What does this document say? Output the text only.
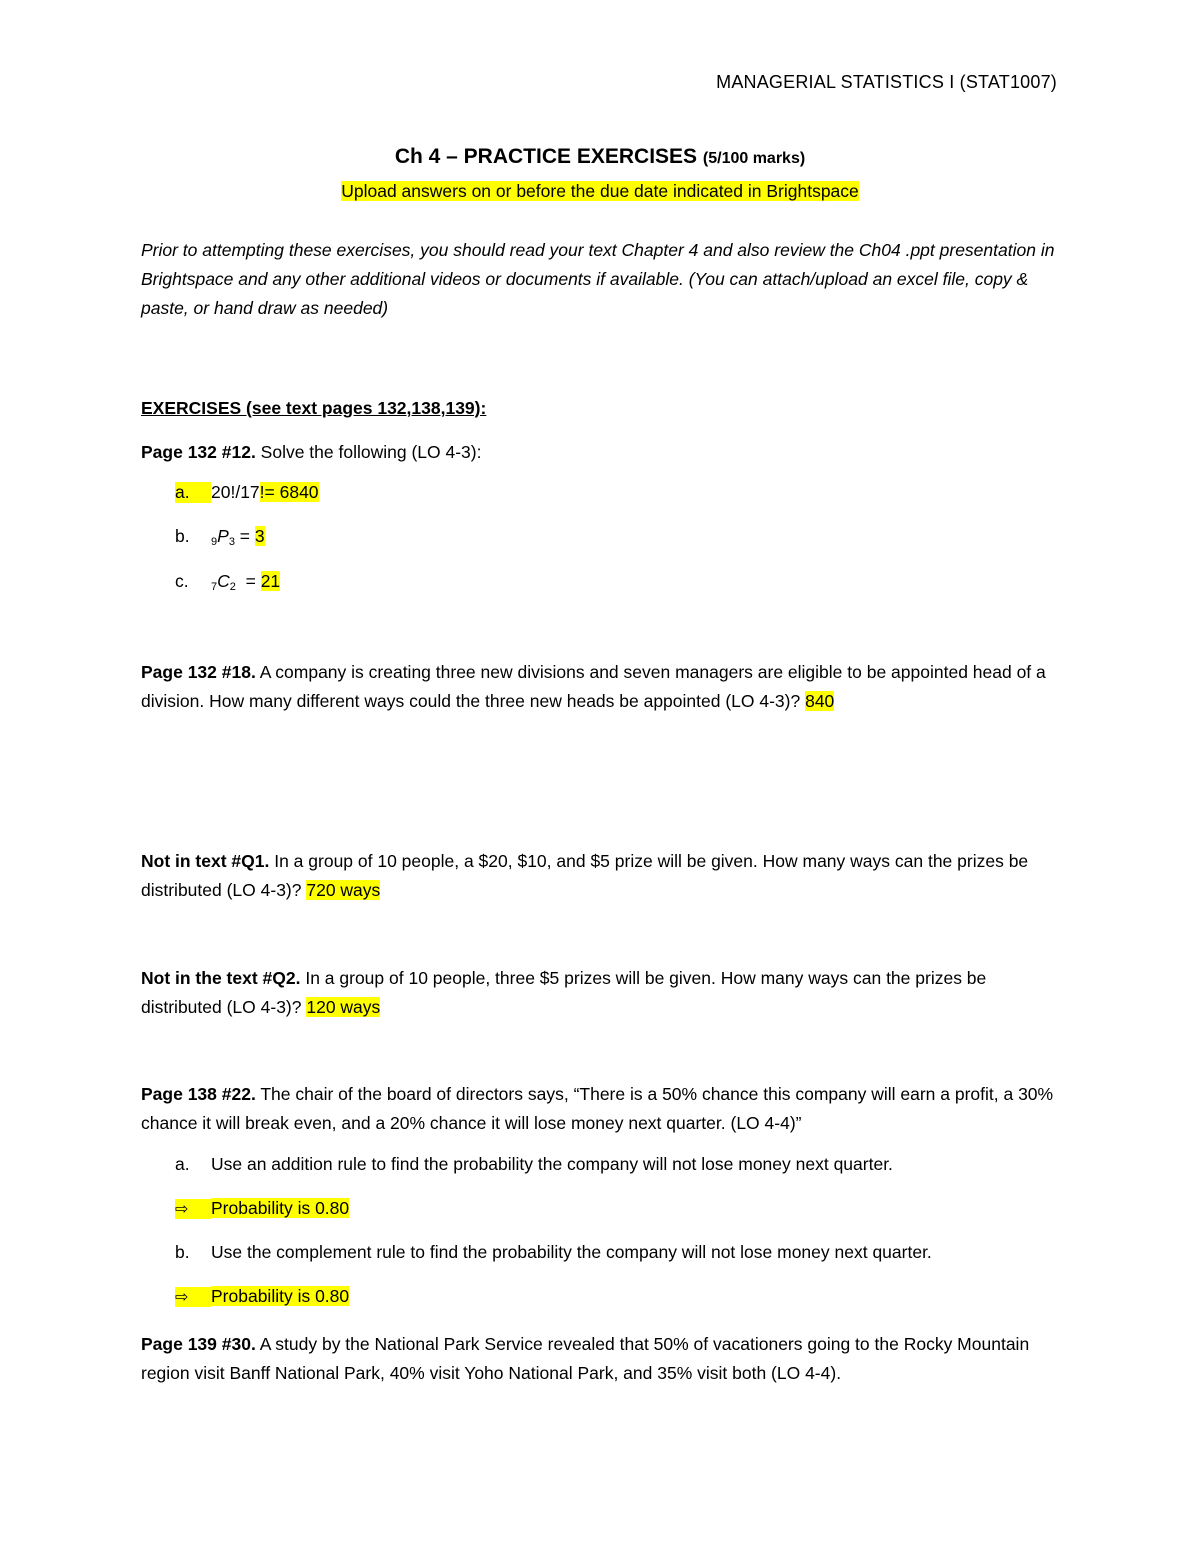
MANAGERIAL STATISTICS I (STAT1007)
Ch 4 – PRACTICE EXERCISES (5/100 marks)
Upload answers on or before the due date indicated in Brightspace
Prior to attempting these exercises, you should read your text Chapter 4 and also review the Ch04 .ppt presentation in Brightspace and any other additional videos or documents if available. (You can attach/upload an excel file, copy & paste, or hand draw as needed)
EXERCISES (see text pages 132,138,139):
Page 132 #12. Solve the following (LO 4-3):
a. 20!/17!= 6840
b. $9P_3 = 3$
c. $7C_2 = 21$
Page 132 #18. A company is creating three new divisions and seven managers are eligible to be appointed head of a division. How many different ways could the three new heads be appointed (LO 4-3)? 840
Not in text #Q1. In a group of 10 people, a $20, $10, and $5 prize will be given. How many ways can the prizes be distributed (LO 4-3)? 720 ways
Not in the text #Q2. In a group of 10 people, three $5 prizes will be given. How many ways can the prizes be distributed (LO 4-3)? 120 ways
Page 138 #22. The chair of the board of directors says, “There is a 50% chance this company will earn a profit, a 30% chance it will break even, and a 20% chance it will lose money next quarter. (LO 4-4)”
a. Use an addition rule to find the probability the company will not lose money next quarter.
⇨ Probability is 0.80
b. Use the complement rule to find the probability the company will not lose money next quarter.
⇨ Probability is 0.80
Page 139 #30. A study by the National Park Service revealed that 50% of vacationers going to the Rocky Mountain region visit Banff National Park, 40% visit Yoho National Park, and 35% visit both (LO 4-4).
